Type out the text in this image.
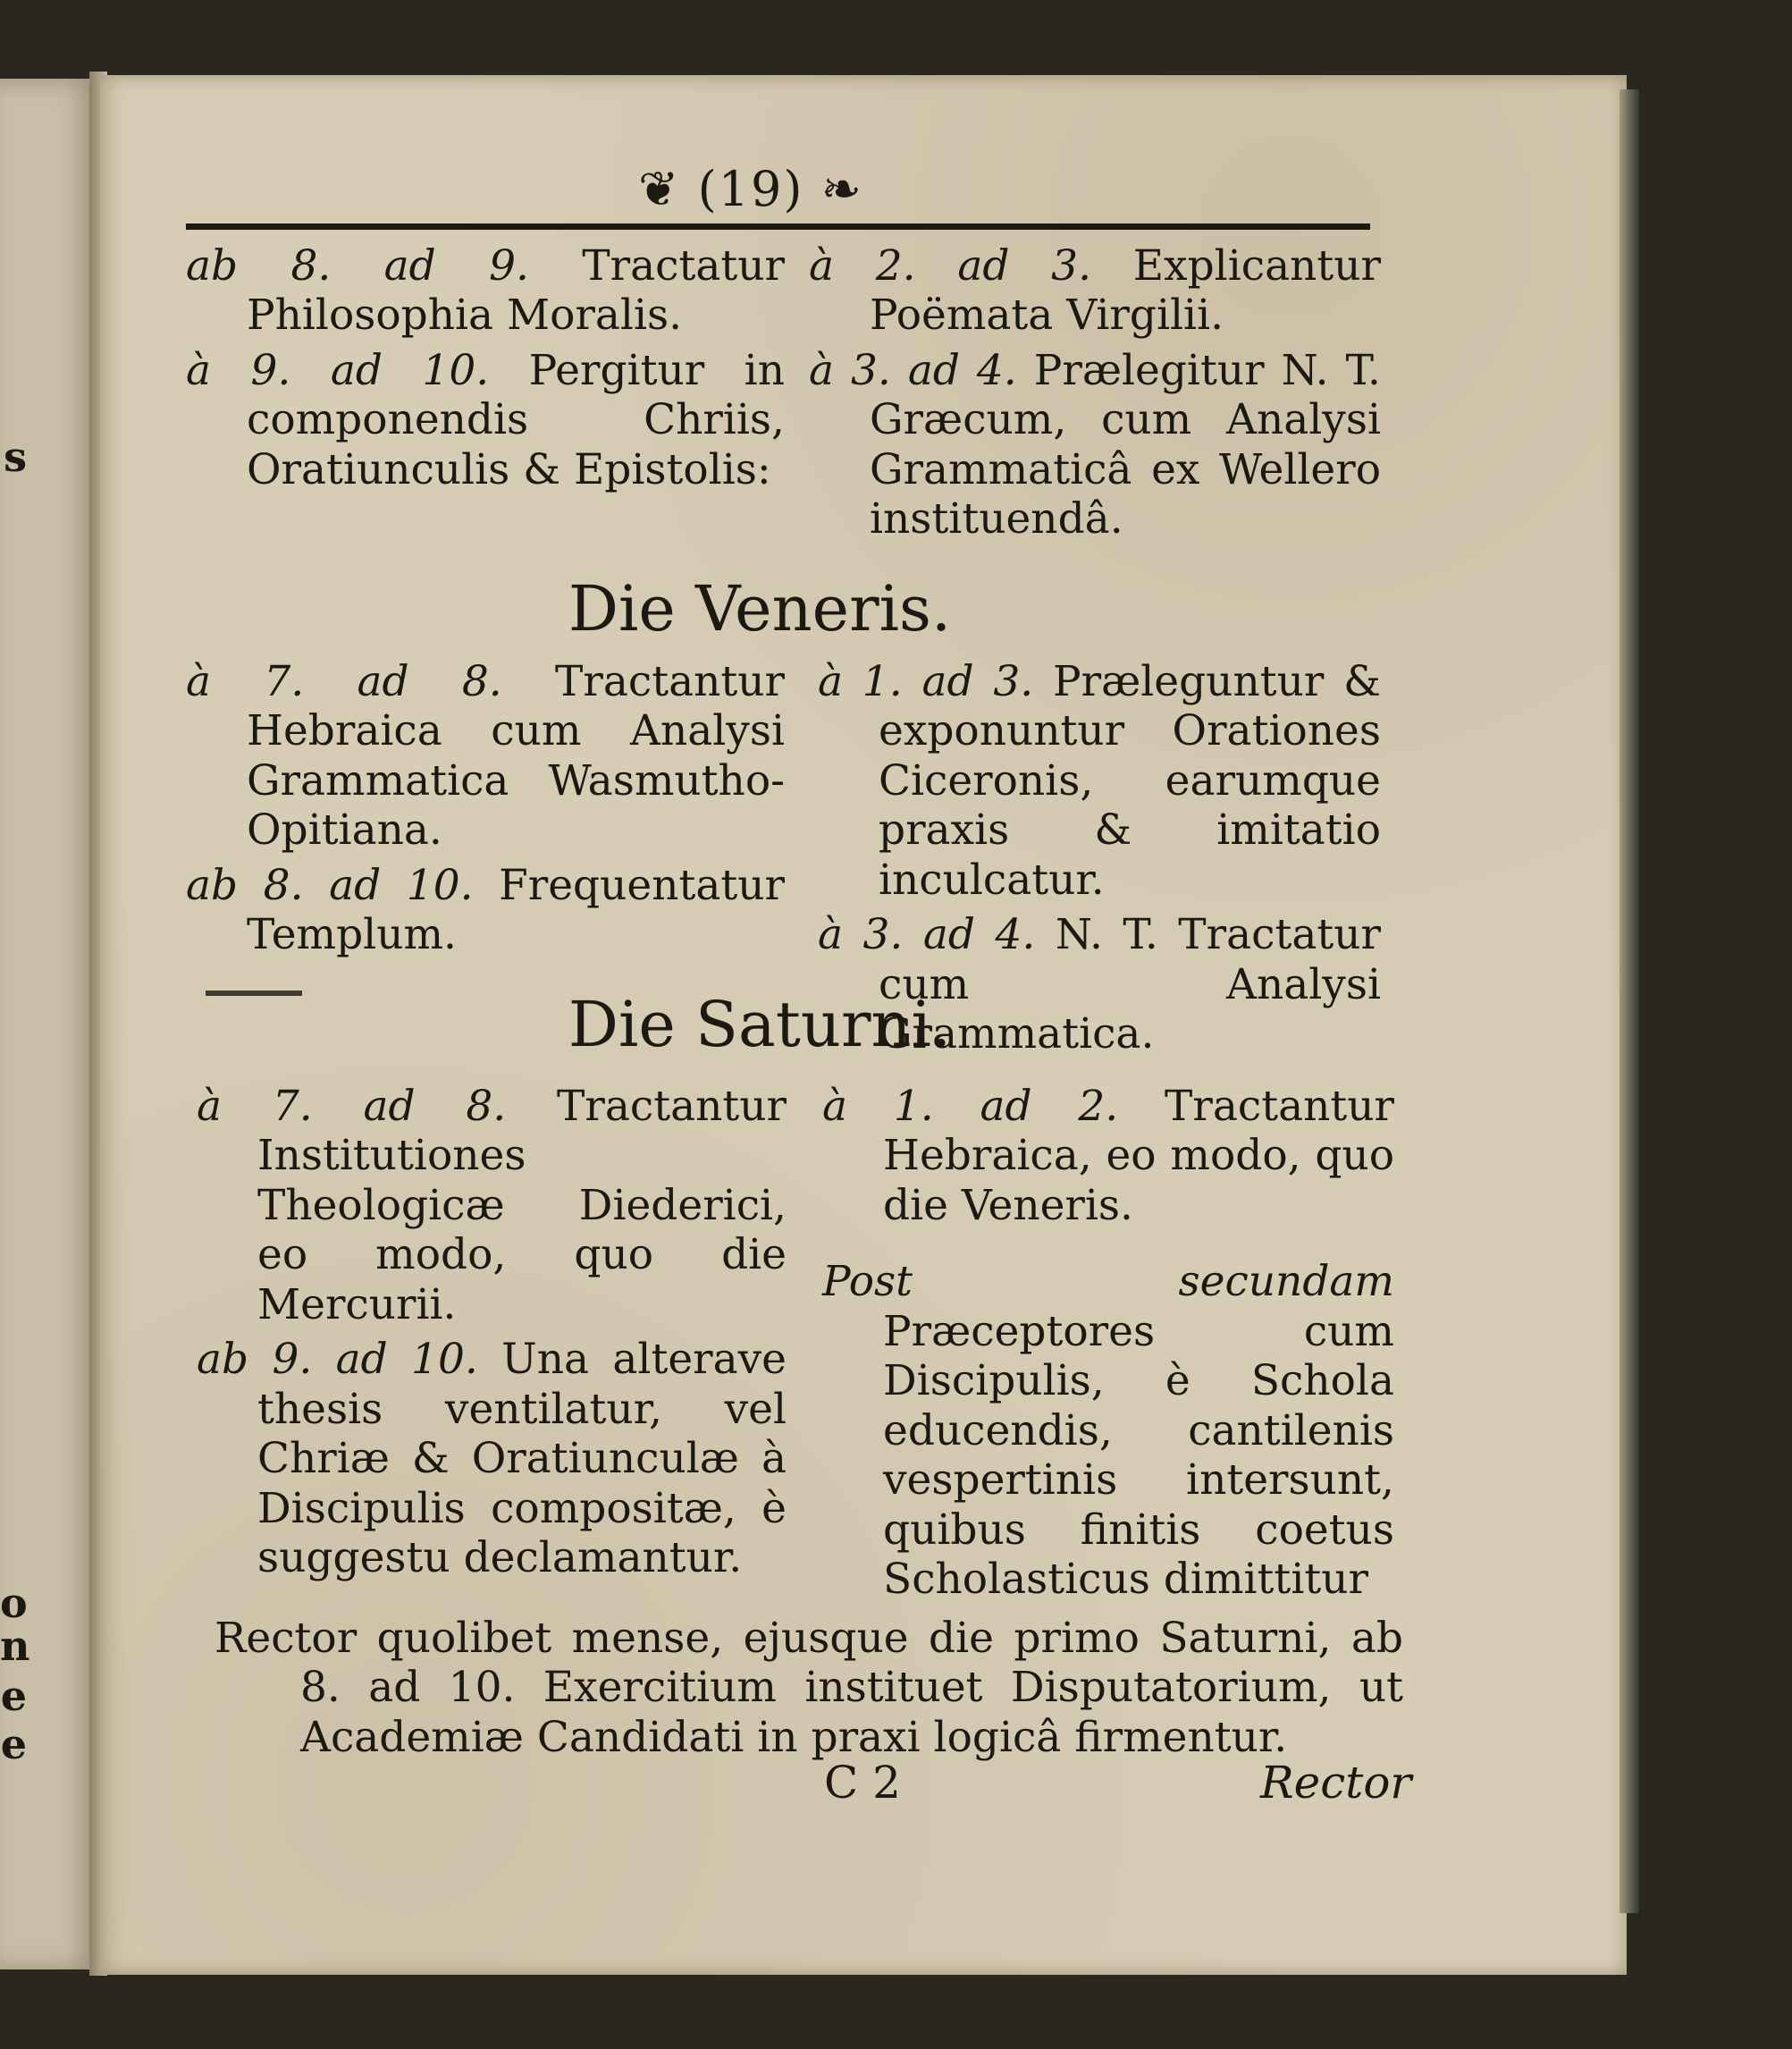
s
o
n
e
e
❦ (19) ❧

ab 8. ad 9. Tractatur Philosophia Moralis.

à 9. ad 10. Pergitur in componendis Chriis, Oratiunculis & Epistolis:

à 2. ad 3. Explicantur Poëmata Virgilii.

à 3. ad 4. Prælegitur N. T. Græcum, cum Analysi Grammaticâ ex Wellero instituendâ.

Die Veneris.

à 7. ad 8. Tractantur Hebraica cum Analysi Grammatica Wasmutho-Opitiana.

ab 8. ad 10. Frequentatur Templum.

à 1. ad 3. Præleguntur & exponuntur Orationes Ciceronis, earumque praxis & imitatio inculcatur.

à 3. ad 4. N. T. Tractatur cum Analysi Grammatica.

Die Saturni.

à 7. ad 8. Tractantur Institutiones Theologicæ Diederici, eo modo, quo die Mercurii.

ab 9. ad 10. Una alterave thesis ventilatur, vel Chriæ & Oratiunculæ à Discipulis compositæ, è suggestu declamantur.

à 1. ad 2. Tractantur Hebraica, eo modo, quo die Veneris.

Post secundam Præceptores cum Discipulis, è Schola educendis, cantilenis vespertinis intersunt, quibus finitis coetus Scholasticus dimittitur

Rector quolibet mense, ejusque die primo Saturni, ab 8. ad 10. Exercitium instituet Disputatorium, ut Academiæ Candidati in praxi logicâ firmentur.

C 2	Rector
